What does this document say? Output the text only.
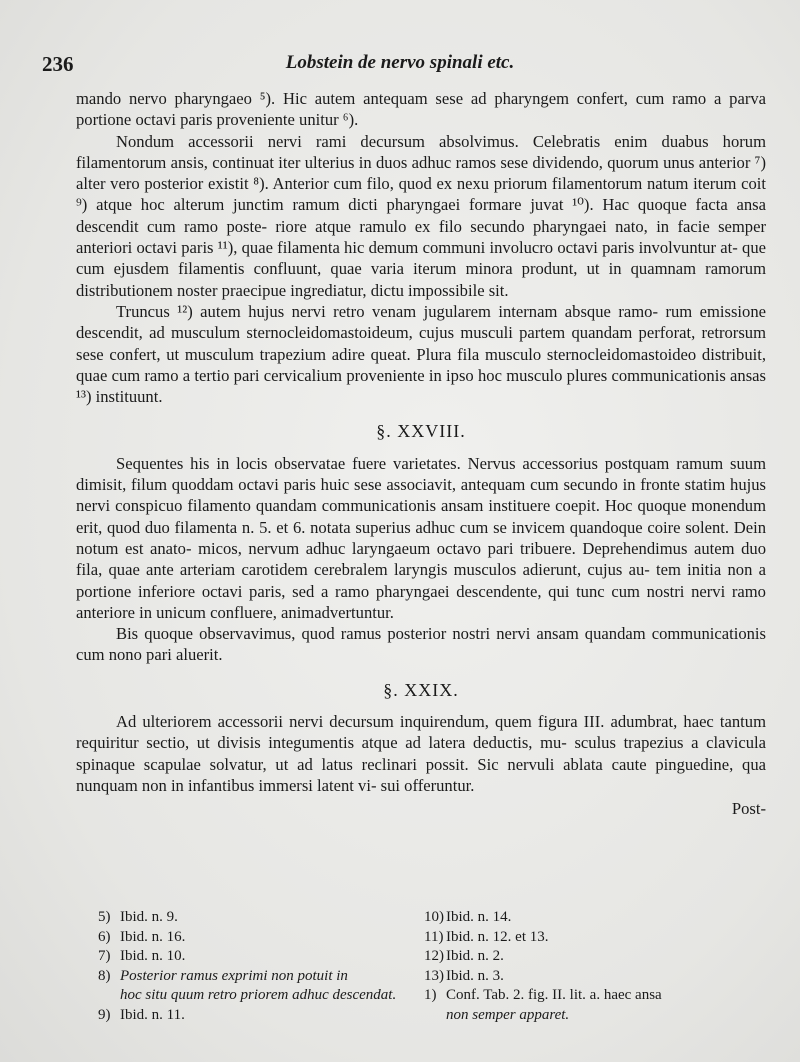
236	Lobstein de nervo spinali etc.

mando nervo pharyngaeo ⁵). Hic autem antequam sese ad pharyngem confert, cum ramo a parva portione octavi paris proveniente unitur ⁶).

Nondum accessorii nervi rami decursum absolvimus. Celebratis enim duabus horum filamentorum ansis, continuat iter ulterius in duos adhuc ramos sese dividendo, quorum unus anterior ⁷) alter vero posterior existit ⁸). Anterior cum filo, quod ex nexu priorum filamentorum natum iterum coit ⁹) atque hoc alterum junctim ramum dicti pharyngaei formare juvat ¹⁰). Hac quoque facta ansa descendit cum ramo poste- riore atque ramulo ex filo secundo pharyngaei nato, in facie semper anteriori octavi paris ¹¹), quae filamenta hic demum communi involucro octavi paris involvuntur at- que cum ejusdem filamentis confluunt, quae varia iterum minora produnt, ut in quamnam ramorum distributionem noster praecipue ingrediatur, dictu impossibile sit.

Truncus ¹²) autem hujus nervi retro venam jugularem internam absque ramo- rum emissione descendit, ad musculum sternocleidomastoideum, cujus musculi partem quandam perforat, retrorsum sese confert, ut musculum trapezium adire queat. Plura fila musculo sternocleidomastoideo distribuit, quae cum ramo a tertio pari cervicalium proveniente in ipso hoc musculo plures communicationis ansas ¹³) instituunt.

§. XXVIII.

Sequentes his in locis observatae fuere varietates. Nervus accessorius postquam ramum suum dimisit, filum quoddam octavi paris huic sese associavit, antequam cum secundo in fronte statim hujus nervi conspicuo filamento quandam communicationis ansam instituere coepit. Hoc quoque monendum erit, quod duo filamenta n. 5. et 6. notata superius adhuc cum se invicem quandoque coire solent. Dein notum est anato- micos, nervum adhuc laryngaeum octavo pari tribuere. Deprehendimus autem duo fila, quae ante arteriam carotidem cerebralem laryngis musculos adierunt, cujus au- tem initia non a portione inferiore octavi paris, sed a ramo pharyngaei descendente, qui tunc cum nostri nervi ramo anteriore in unicum confluere, animadvertuntur.

Bis quoque observavimus, quod ramus posterior nostri nervi ansam quandam communicationis cum nono pari aluerit.

§. XXIX.

Ad ulteriorem accessorii nervi decursum inquirendum, quem figura III. adumbrat, haec tantum requiritur sectio, ut divisis integumentis atque ad latera deductis, mu- sculus trapezius a clavicula spinaque scapulae solvatur, ut ad latus reclinari possit. Sic nervuli ablata caute pinguedine, qua nunquam non in infantibus immersi latent vi- sui offeruntur.

Post-
5) Ibid. n. 9.
6) Ibid. n. 16.
7) Ibid. n. 10.
8) Posterior ramus exprimi non potuit in
hoc situ quum retro priorem adhuc descendat.
9) Ibid. n. 11.
10) Ibid. n. 14.
11) Ibid. n. 12. et 13.
12) Ibid. n. 2.
13) Ibid. n. 3.
1) Conf. Tab. 2. fig. II. lit. a. haec ansa
non semper apparet.
